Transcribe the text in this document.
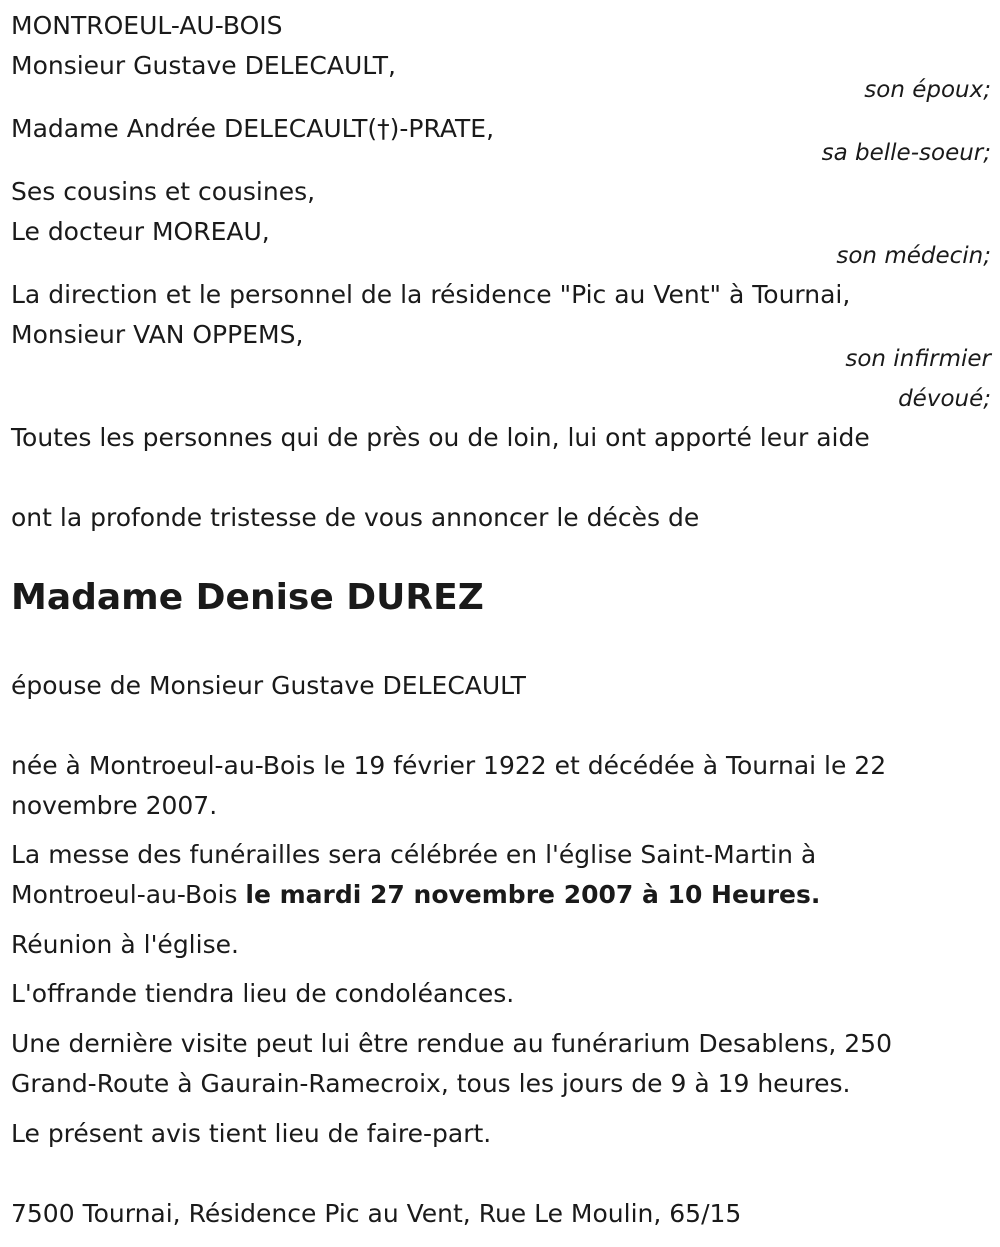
MONTROEUL-AU-BOIS
Monsieur Gustave DELECAULT,
son époux;
Madame Andrée DELECAULT(†)-PRATE,
sa belle-soeur;
Ses cousins et cousines,
Le docteur MOREAU,
son médecin;
La direction et le personnel de la résidence "Pic au Vent" à Tournai,
Monsieur VAN OPPEMS,
son infirmier
dévoué;
Toutes les personnes qui de près ou de loin, lui ont apporté leur aide
ont la profonde tristesse de vous annoncer le décès de
Madame Denise DUREZ
épouse de Monsieur Gustave DELECAULT
née à Montroeul-au-Bois le 19 février 1922 et décédée à Tournai le 22 novembre 2007.
La messe des funérailles sera célébrée en l'église Saint-Martin à Montroeul-au-Bois le mardi 27 novembre 2007 à 10 Heures.
Réunion à l'église.
L'offrande tiendra lieu de condoléances.
Une dernière visite peut lui être rendue au funérarium Desablens, 250 Grand-Route à Gaurain-Ramecroix, tous les jours de 9 à 19 heures.
Le présent avis tient lieu de faire-part.
7500 Tournai, Résidence Pic au Vent, Rue Le Moulin, 65/15
